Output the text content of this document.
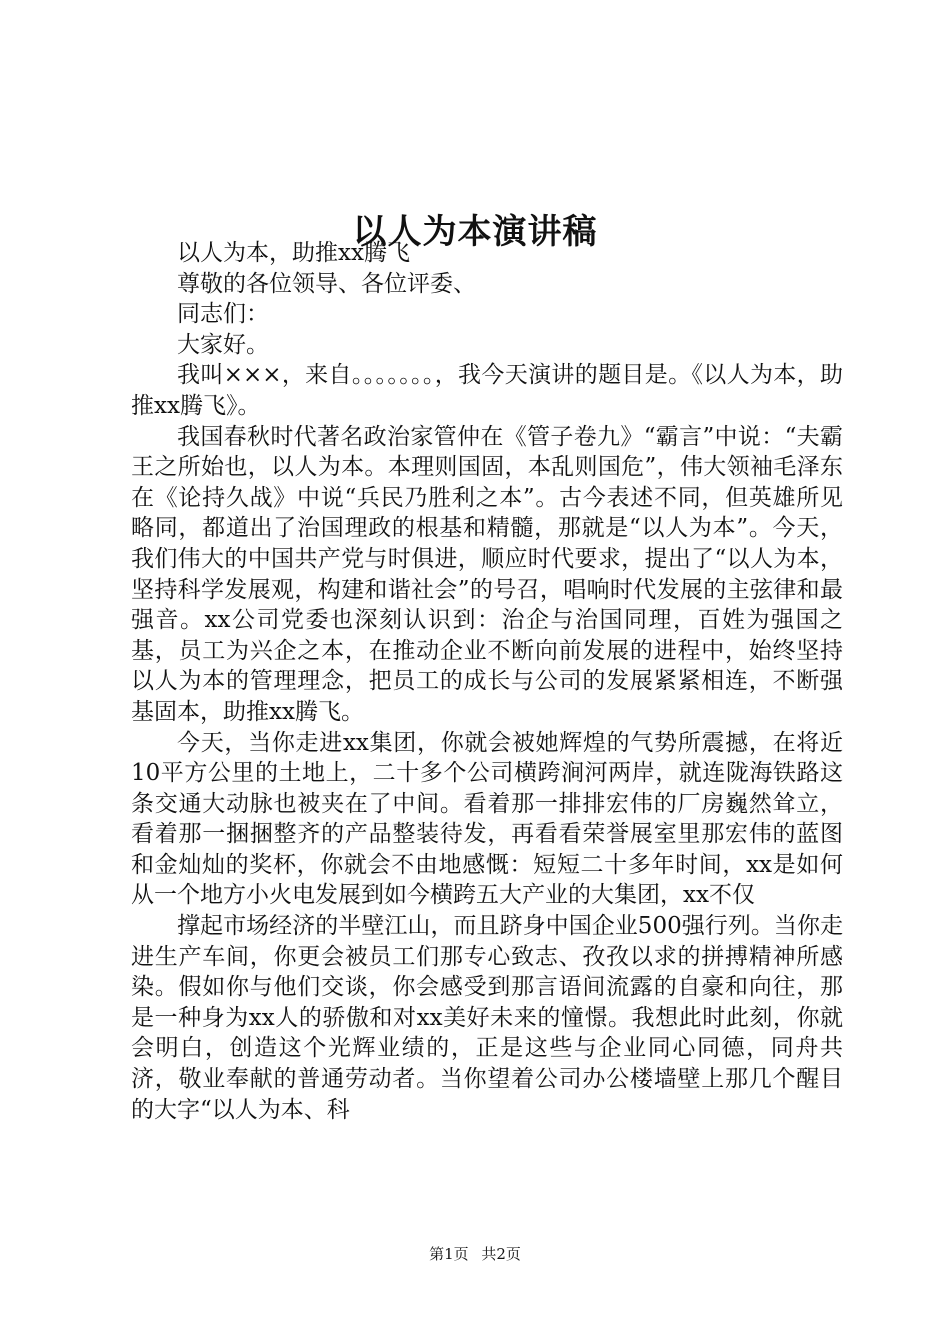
以人为本演讲稿

以人为本，助推xx腾飞

尊敬的各位领导、各位评委、

同志们：

大家好。

我叫×××，来自。。。。。。。，我今天演讲的题目是。《以人为本，助推xx腾飞》。

我国春秋时代著名政治家管仲在《管子卷九》“霸言”中说：“夫霸王之所始也，以人为本。本理则国固，本乱则国危”，伟大领袖毛泽东在《论持久战》中说“兵民乃胜利之本”。古今表述不同，但英雄所见略同，都道出了治国理政的根基和精髓，那就是“以人为本”。今天，我们伟大的中国共产党与时俱进，顺应时代要求，提出了“以人为本，坚持科学发展观，构建和谐社会”的号召，唱响时代发展的主弦律和最强音。xx公司党委也深刻认识到：治企与治国同理，百姓为强国之基，员工为兴企之本，在推动企业不断向前发展的进程中，始终坚持以人为本的管理理念，把员工的成长与公司的发展紧紧相连，不断强基固本，助推xx腾飞。

今天，当你走进xx集团，你就会被她辉煌的气势所震撼，在将近10平方公里的土地上，二十多个公司横跨涧河两岸，就连陇海铁路这条交通大动脉也被夹在了中间。看着那一排排宏伟的厂房巍然耸立，看着那一捆捆整齐的产品整装待发，再看看荣誉展室里那宏伟的蓝图和金灿灿的奖杯，你就会不由地感慨：短短二十多年时间，xx是如何从一个地方小火电发展到如今横跨五大产业的大集团，xx不仅

撑起市场经济的半壁江山，而且跻身中国企业500强行列。当你走进生产车间，你更会被员工们那专心致志、孜孜以求的拼搏精神所感染。假如你与他们交谈，你会感受到那言语间流露的自豪和向往，那是一种身为xx人的骄傲和对xx美好未来的憧憬。我想此时此刻，你就会明白，创造这个光辉业绩的，正是这些与企业同心同德，同舟共济，敬业奉献的普通劳动者。当你望着公司办公楼墙壁上那几个醒目的大字“以人为本、科

第1页 共2页
